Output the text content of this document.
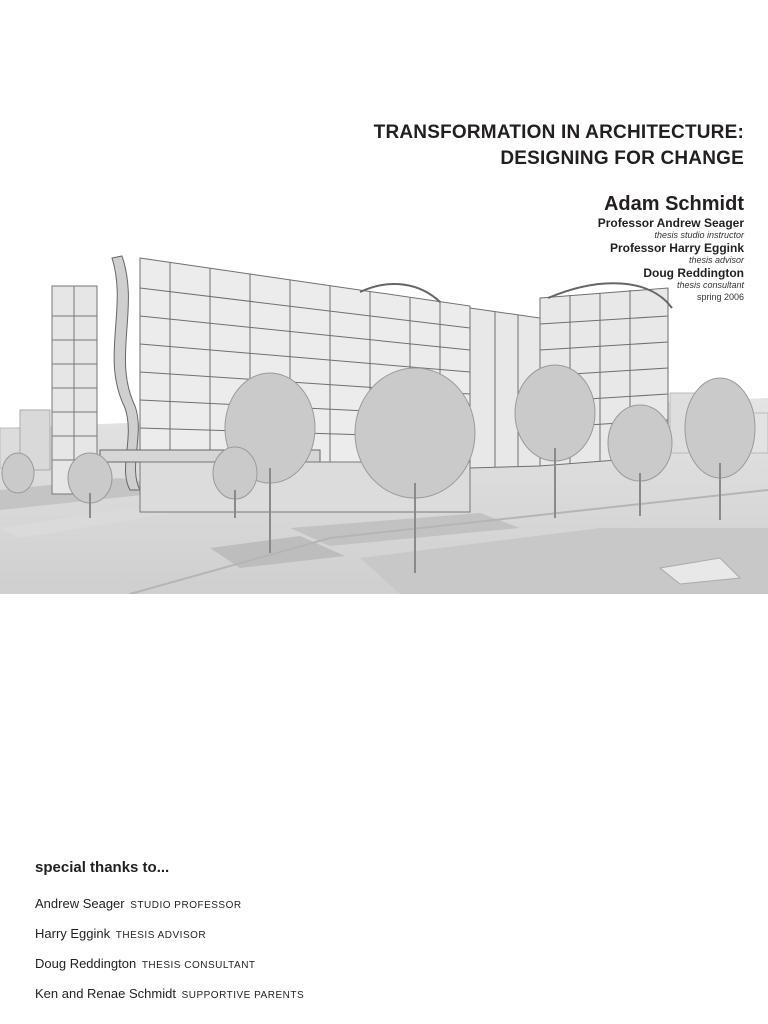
TRANSFORMATION IN ARCHITECTURE:
DESIGNING FOR CHANGE
Adam Schmidt
Professor Andrew Seager
thesis studio instructor
Professor Harry Eggink
thesis advisor
Doug Reddington
thesis consultant
spring 2006
special thanks to...
Andrew Seager STUDIO PROFESSOR
Harry Eggink THESIS ADVISOR
Doug Reddington THESIS CONSULTANT
Ken and Renae Schmidt SUPPORTIVE PARENTS
